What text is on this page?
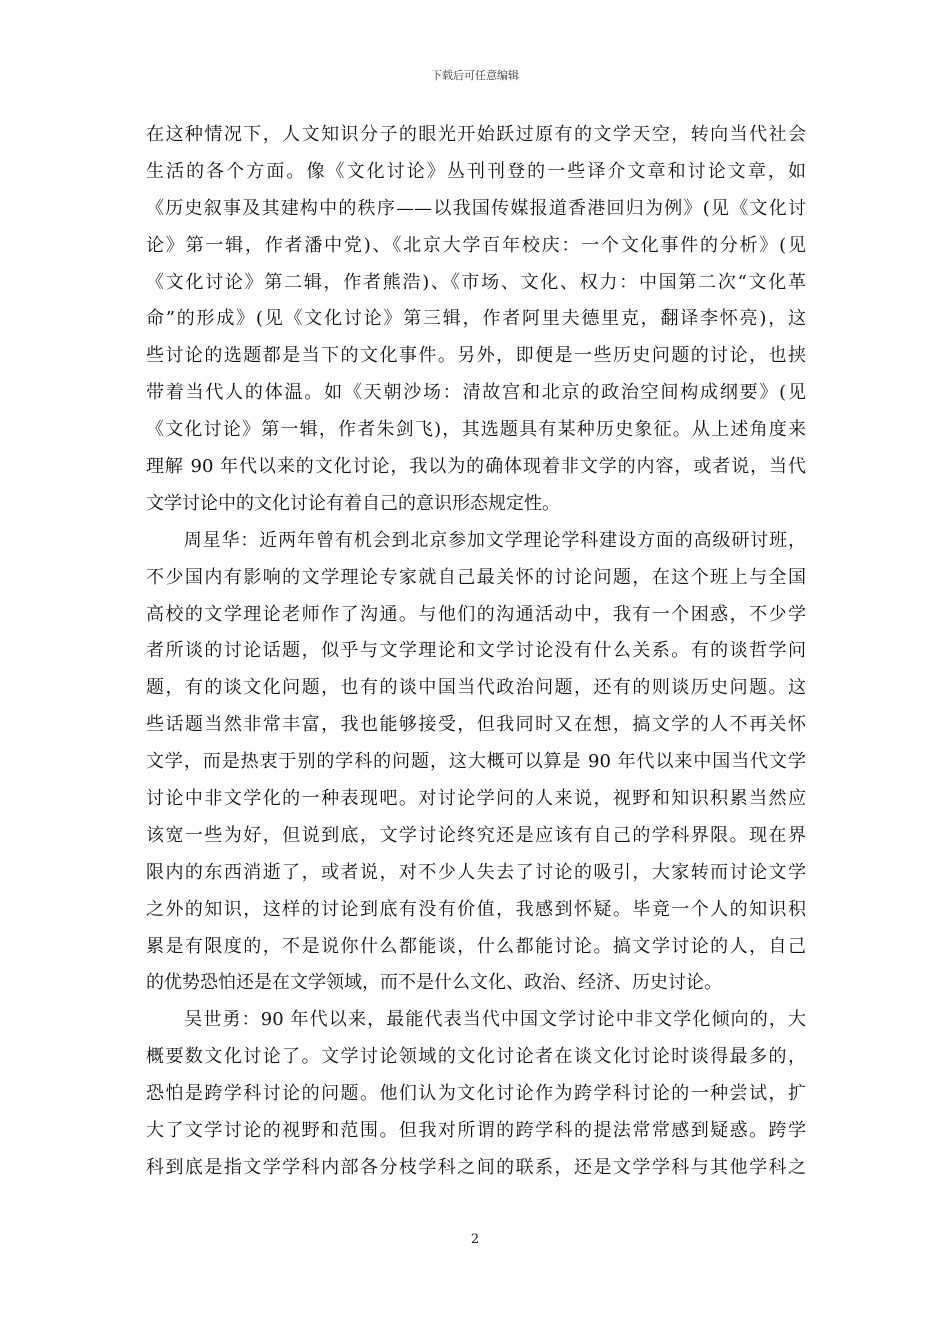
下载后可任意编辑
在这种情况下，人文知识分子的眼光开始跃过原有的文学天空，转向当代社会
生活的各个方面。像《文化讨论》丛刊刊登的一些译介文章和讨论文章，如
《历史叙事及其建构中的秩序——以我国传媒报道香港回归为例》(见《文化讨
论》第一辑，作者潘中党)、《北京大学百年校庆：一个文化事件的分析》(见
《文化讨论》第二辑，作者熊浩)、《市场、文化、权力：中国第二次“文化革
命”的形成》(见《文化讨论》第三辑，作者阿里夫德里克，翻译李怀亮)，这
些讨论的选题都是当下的文化事件。另外，即便是一些历史问题的讨论，也挟
带着当代人的体温。如《天朝沙场：清故宫和北京的政治空间构成纲要》(见
《文化讨论》第一辑，作者朱剑飞)，其选题具有某种历史象征。从上述角度来
理解 90 年代以来的文化讨论，我以为的确体现着非文学的内容，或者说，当代
文学讨论中的文化讨论有着自己的意识形态规定性。
　　周星华：近两年曾有机会到北京参加文学理论学科建设方面的高级研讨班，
不少国内有影响的文学理论专家就自己最关怀的讨论问题，在这个班上与全国
高校的文学理论老师作了沟通。与他们的沟通活动中，我有一个困惑，不少学
者所谈的讨论话题，似乎与文学理论和文学讨论没有什么关系。有的谈哲学问
题，有的谈文化问题，也有的谈中国当代政治问题，还有的则谈历史问题。这
些话题当然非常丰富，我也能够接受，但我同时又在想，搞文学的人不再关怀
文学，而是热衷于别的学科的问题，这大概可以算是 90 年代以来中国当代文学
讨论中非文学化的一种表现吧。对讨论学问的人来说，视野和知识积累当然应
该宽一些为好，但说到底，文学讨论终究还是应该有自己的学科界限。现在界
限内的东西消逝了，或者说，对不少人失去了讨论的吸引，大家转而讨论文学
之外的知识，这样的讨论到底有没有价值，我感到怀疑。毕竟一个人的知识积
累是有限度的，不是说你什么都能谈，什么都能讨论。搞文学讨论的人，自己
的优势恐怕还是在文学领域，而不是什么文化、政治、经济、历史讨论。
　　吴世勇：90 年代以来，最能代表当代中国文学讨论中非文学化倾向的，大
概要数文化讨论了。文学讨论领域的文化讨论者在谈文化讨论时谈得最多的，
恐怕是跨学科讨论的问题。他们认为文化讨论作为跨学科讨论的一种尝试，扩
大了文学讨论的视野和范围。但我对所谓的跨学科的提法常常感到疑惑。跨学
科到底是指文学学科内部各分枝学科之间的联系，还是文学学科与其他学科之
2
